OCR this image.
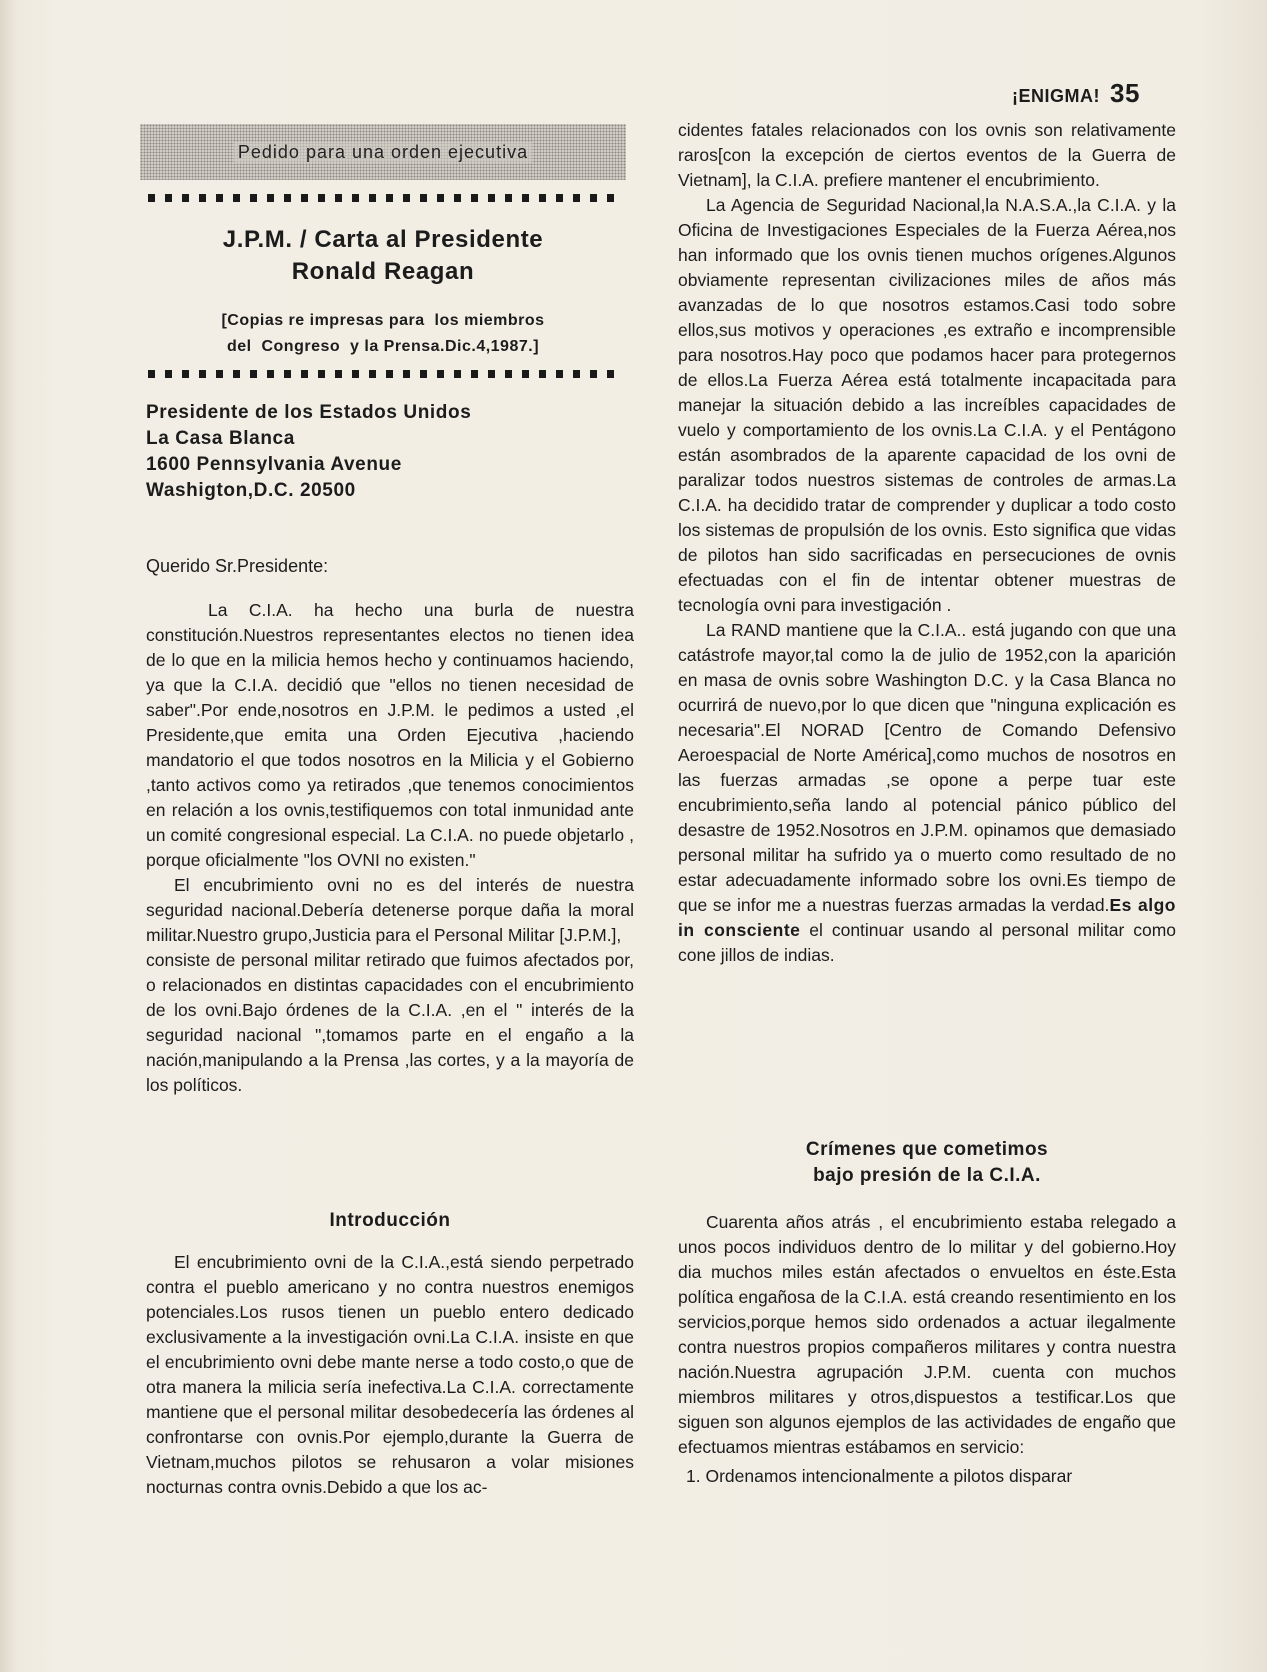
¡ENIGMA! 35
Pedido para una orden ejecutiva
J.P.M. / Carta al Presidente
Ronald Reagan
[Copias re impresas para  los miembros
del  Congreso  y la Prensa.Dic.4,1987.]
Presidente de los Estados Unidos
La Casa Blanca
1600 Pennsylvania Avenue
Washigton,D.C. 20500
Querido Sr.Presidente:

La C.I.A. ha hecho una burla de nuestra constitución.Nuestros representantes electos no tienen idea de lo que en la milicia hemos hecho y continuamos haciendo, ya que la C.I.A. decidió que "ellos no tienen necesidad de saber".Por ende,nosotros en J.P.M. le pedimos a usted ,el Presidente,que emita una Orden Ejecutiva ,haciendo mandatorio el que todos nosotros en la Milicia y el Gobierno ,tanto activos como ya retirados ,que tenemos conocimientos en relación a los ovnis,testifiquemos con total inmunidad ante un comité congresional especial. La C.I.A. no puede objetarlo , porque oficialmente "los OVNI no existen."

El encubrimiento ovni no es del interés de nuestra seguridad nacional.Debería detenerse porque daña la moral militar.Nuestro grupo,Justicia para el Personal Militar [J.P.M.],

consiste de personal militar retirado que fuimos afectados por, o relacionados en distintas capacidades con el encubrimiento de los ovni.Bajo órdenes de la C.I.A. ,en el " interés de la seguridad nacional ",tomamos parte en el engaño a la nación,manipulando a la Prensa ,las cortes, y a la mayoría de los políticos.

Introducción

El encubrimiento ovni de la C.I.A.,está siendo perpetrado contra el pueblo americano y no contra nuestros enemigos potenciales.Los rusos tienen un pueblo entero dedicado exclusivamente a la investigación ovni.La C.I.A. insiste en que el encubrimiento ovni debe mante nerse a todo costo,o que de otra manera la milicia sería inefectiva.La C.I.A. correctamente mantiene que el personal militar desobedecería las órdenes al confrontarse con ovnis.Por ejemplo,durante la Guerra de Vietnam,muchos pilotos se rehusaron a volar misiones nocturnas contra ovnis.Debido a que los ac-

cidentes fatales relacionados con los ovnis son relativamente raros[con la excepción de ciertos eventos de la Guerra de Vietnam], la C.I.A. prefiere mantener el encubrimiento.

La Agencia de Seguridad Nacional,la N.A.S.A.,la C.I.A. y la Oficina de Investigaciones Especiales de la Fuerza Aérea,nos han informado que los ovnis tienen muchos orígenes.Algunos obviamente representan civilizaciones miles de años más avanzadas de lo que nosotros estamos.Casi todo sobre ellos,sus motivos y operaciones ,es extraño e incomprensible para nosotros.Hay poco que podamos hacer para protegernos de ellos.La Fuerza Aérea está totalmente incapacitada para manejar la situación debido a las increíbles capacidades de vuelo y comportamiento de los ovnis.La C.I.A. y el Pentágono están asombrados de la aparente capacidad de los ovni de paralizar todos nuestros sistemas de controles de armas.La C.I.A. ha decidido tratar de comprender y duplicar a todo costo los sistemas de propulsión de los ovnis. Esto significa que vidas de pilotos han sido sacrificadas en persecuciones de ovnis efectuadas con el fin de intentar obtener muestras de tecnología ovni para investigación .

La RAND mantiene que la C.I.A.. está jugando con que una catástrofe mayor,tal como la de julio de 1952,con la aparición en masa de ovnis sobre Washington D.C. y la Casa Blanca no ocurrirá de nuevo,por lo que dicen que "ninguna explicación es necesaria".El NORAD [Centro de Comando Defensivo Aeroespacial de Norte América],como muchos de nosotros en las fuerzas armadas ,se opone a perpe tuar este encubrimiento,seña lando al potencial pánico público del desastre de 1952.Nosotros en J.P.M. opinamos que demasiado personal militar ha sufrido ya o muerto como resultado de no estar adecuadamente informado sobre los ovni.Es tiempo de que se infor me a nuestras fuerzas armadas la verdad.Es algo in consciente el continuar usando al personal militar como cone jillos de indias.

Crímenes que cometimos
bajo presión de la C.I.A.

Cuarenta años atrás , el encubrimiento estaba relegado a unos pocos individuos dentro de lo militar y del gobierno.Hoy dia muchos miles están afectados o envueltos en éste.Esta política engañosa de la C.I.A. está creando resentimiento en los servicios,porque hemos sido ordenados a actuar ilegalmente contra nuestros propios compañeros militares y contra nuestra nación.Nuestra agrupación J.P.M. cuenta con muchos miembros militares y otros,dispuestos a testificar.Los que siguen son algunos ejemplos de las actividades de engaño que efectuamos mientras estábamos en servicio:

1. Ordenamos intencionalmente a pilotos disparar
